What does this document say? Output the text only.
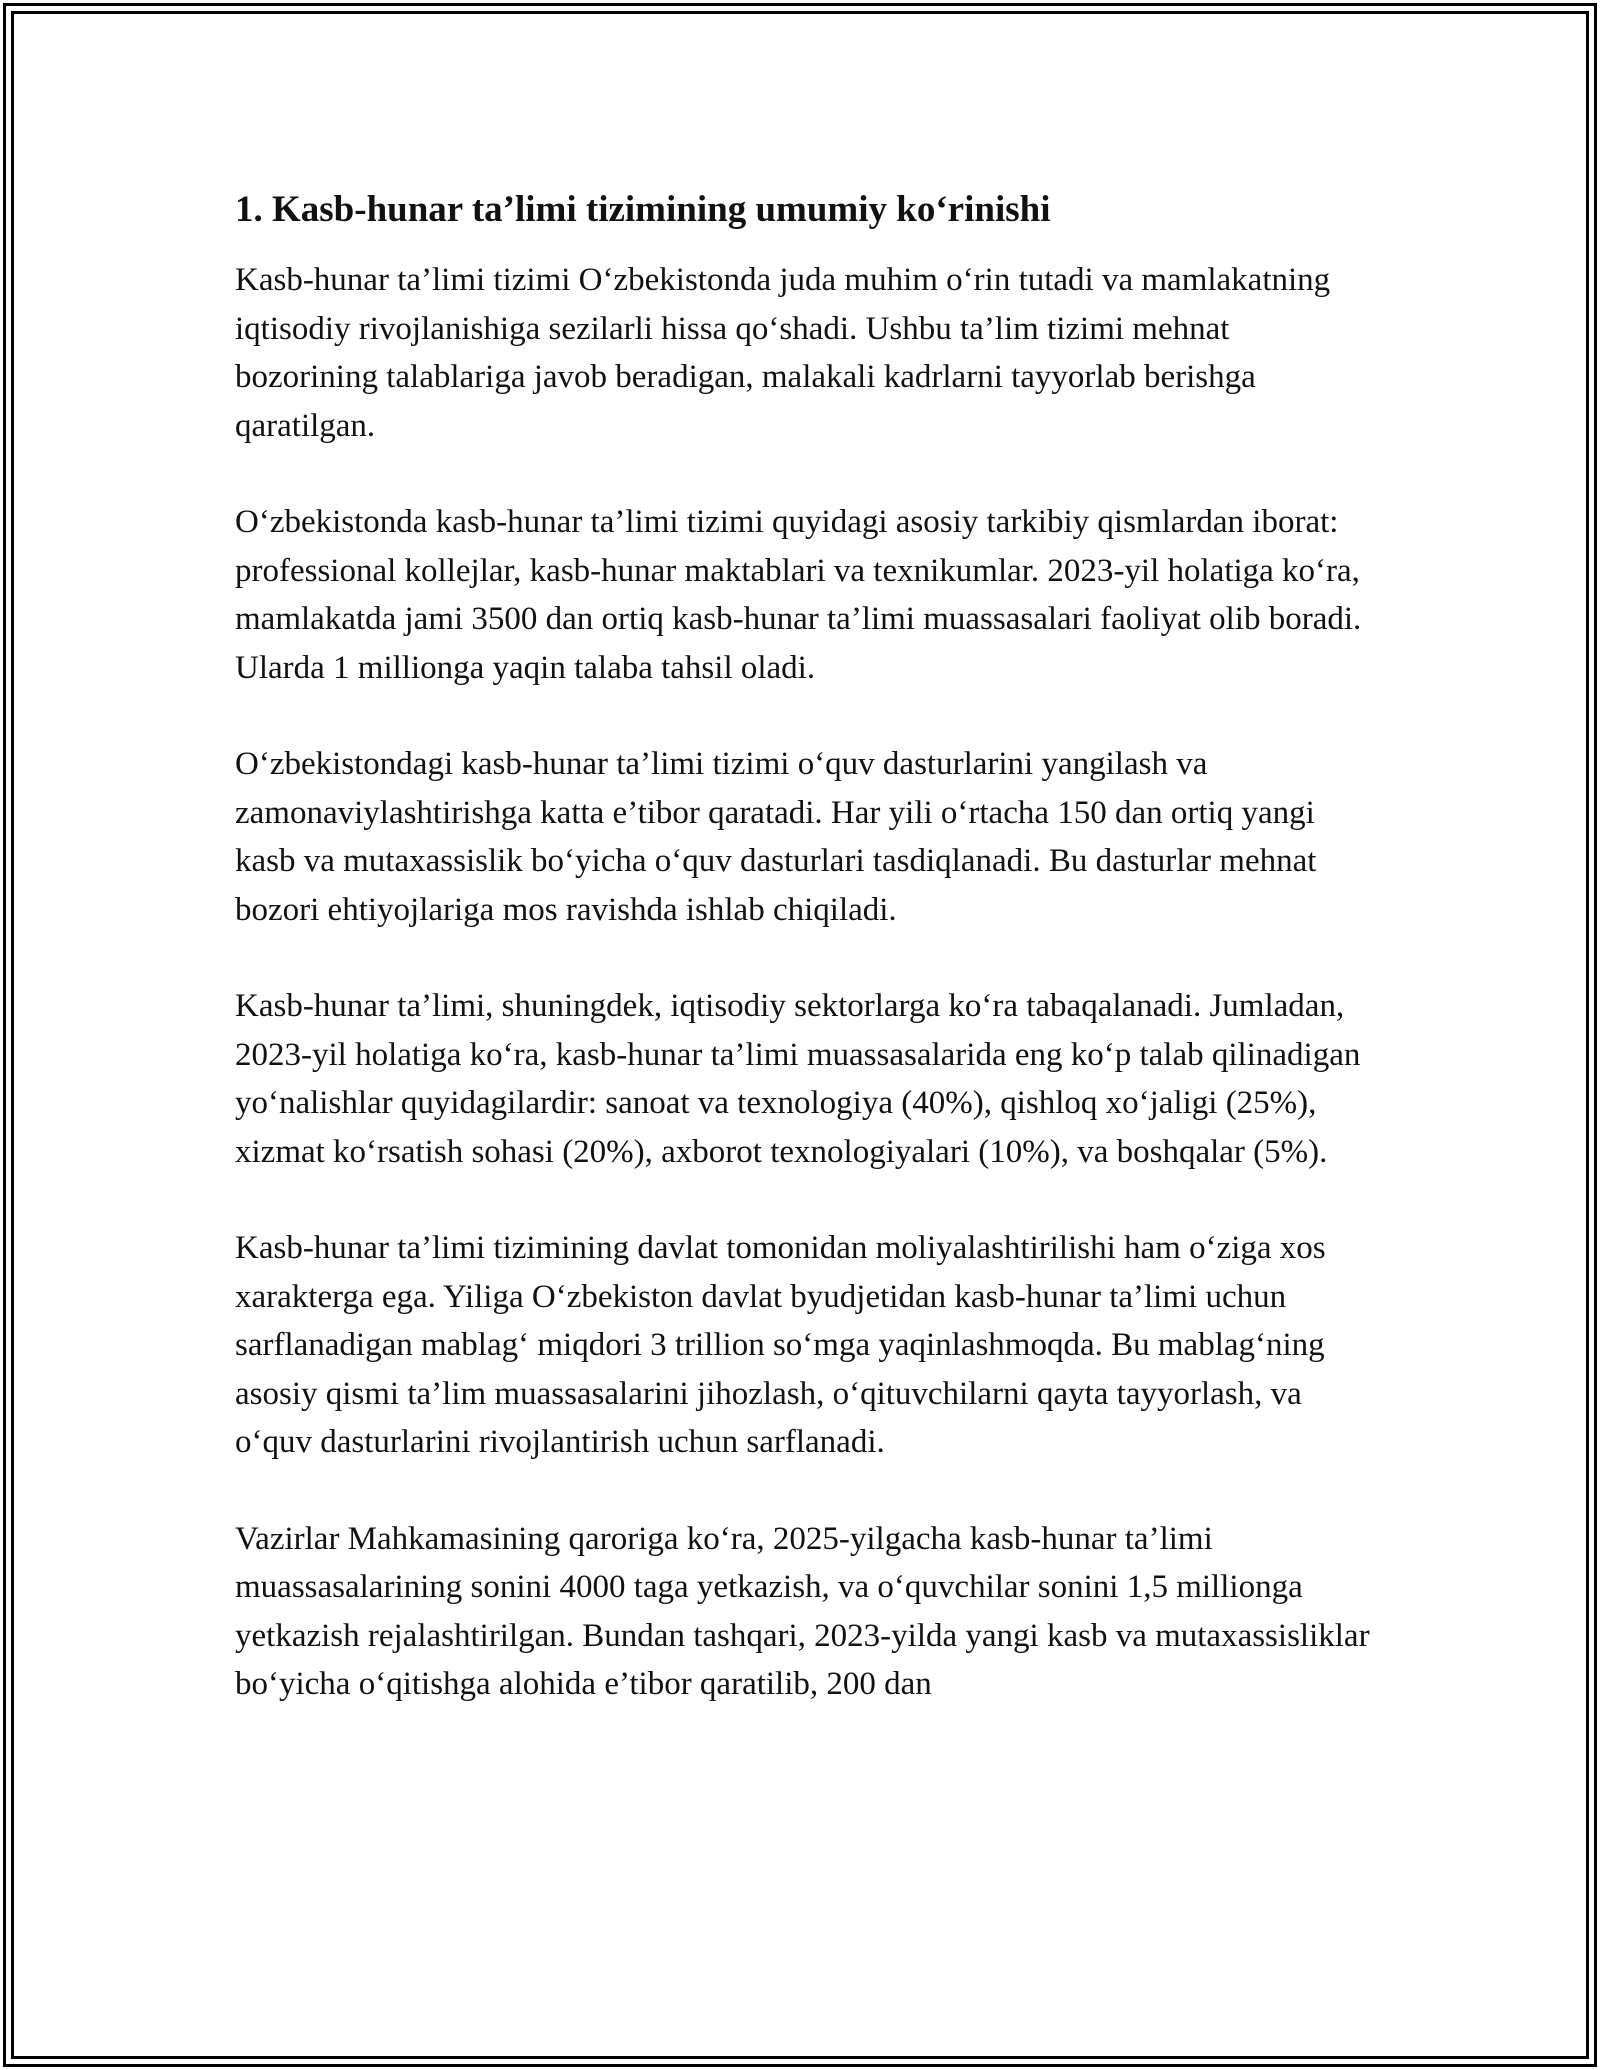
1. Kasb-hunar ta’limi tizimining umumiy ko‘rinishi

Kasb-hunar ta’limi tizimi O‘zbekistonda juda muhim o‘rin tutadi va mamlakatning iqtisodiy rivojlanishiga sezilarli hissa qo‘shadi. Ushbu ta’lim tizimi mehnat bozorining talablariga javob beradigan, malakali kadrlarni tayyorlab berishga qaratilgan.

O‘zbekistonda kasb-hunar ta’limi tizimi quyidagi asosiy tarkibiy qismlardan iborat: professional kollejlar, kasb-hunar maktablari va texnikumlar. 2023-yil holatiga ko‘ra, mamlakatda jami 3500 dan ortiq kasb-hunar ta’limi muassasalari faoliyat olib boradi. Ularda 1 millionga yaqin talaba tahsil oladi.

O‘zbekistondagi kasb-hunar ta’limi tizimi o‘quv dasturlarini yangilash va zamonaviylashtirishga katta e’tibor qaratadi. Har yili o‘rtacha 150 dan ortiq yangi kasb va mutaxassislik bo‘yicha o‘quv dasturlari tasdiqlanadi. Bu dasturlar mehnat bozori ehtiyojlariga mos ravishda ishlab chiqiladi.

Kasb-hunar ta’limi, shuningdek, iqtisodiy sektorlarga ko‘ra tabaqalanadi. Jumladan, 2023-yil holatiga ko‘ra, kasb-hunar ta’limi muassasalarida eng ko‘p talab qilinadigan yo‘nalishlar quyidagilardir: sanoat va texnologiya (40%), qishloq xo‘jaligi (25%), xizmat ko‘rsatish sohasi (20%), axborot texnologiyalari (10%), va boshqalar (5%).

Kasb-hunar ta’limi tizimining davlat tomonidan moliyalashtirilishi ham o‘ziga xos xarakterga ega. Yiliga O‘zbekiston davlat byudjetidan kasb-hunar ta’limi uchun sarflanadigan mablag‘ miqdori 3 trillion so‘mga yaqinlashmoqda. Bu mablag‘ning asosiy qismi ta’lim muassasalarini jihozlash, o‘qituvchilarni qayta tayyorlash, va o‘quv dasturlarini rivojlantirish uchun sarflanadi.

Vazirlar Mahkamasining qaroriga ko‘ra, 2025-yilgacha kasb-hunar ta’limi muassasalarining sonini 4000 taga yetkazish, va o‘quvchilar sonini 1,5 millionga yetkazish rejalashtirilgan. Bundan tashqari, 2023-yilda yangi kasb va mutaxassisliklar bo‘yicha o‘qitishga alohida e’tibor qaratilib, 200 dan
